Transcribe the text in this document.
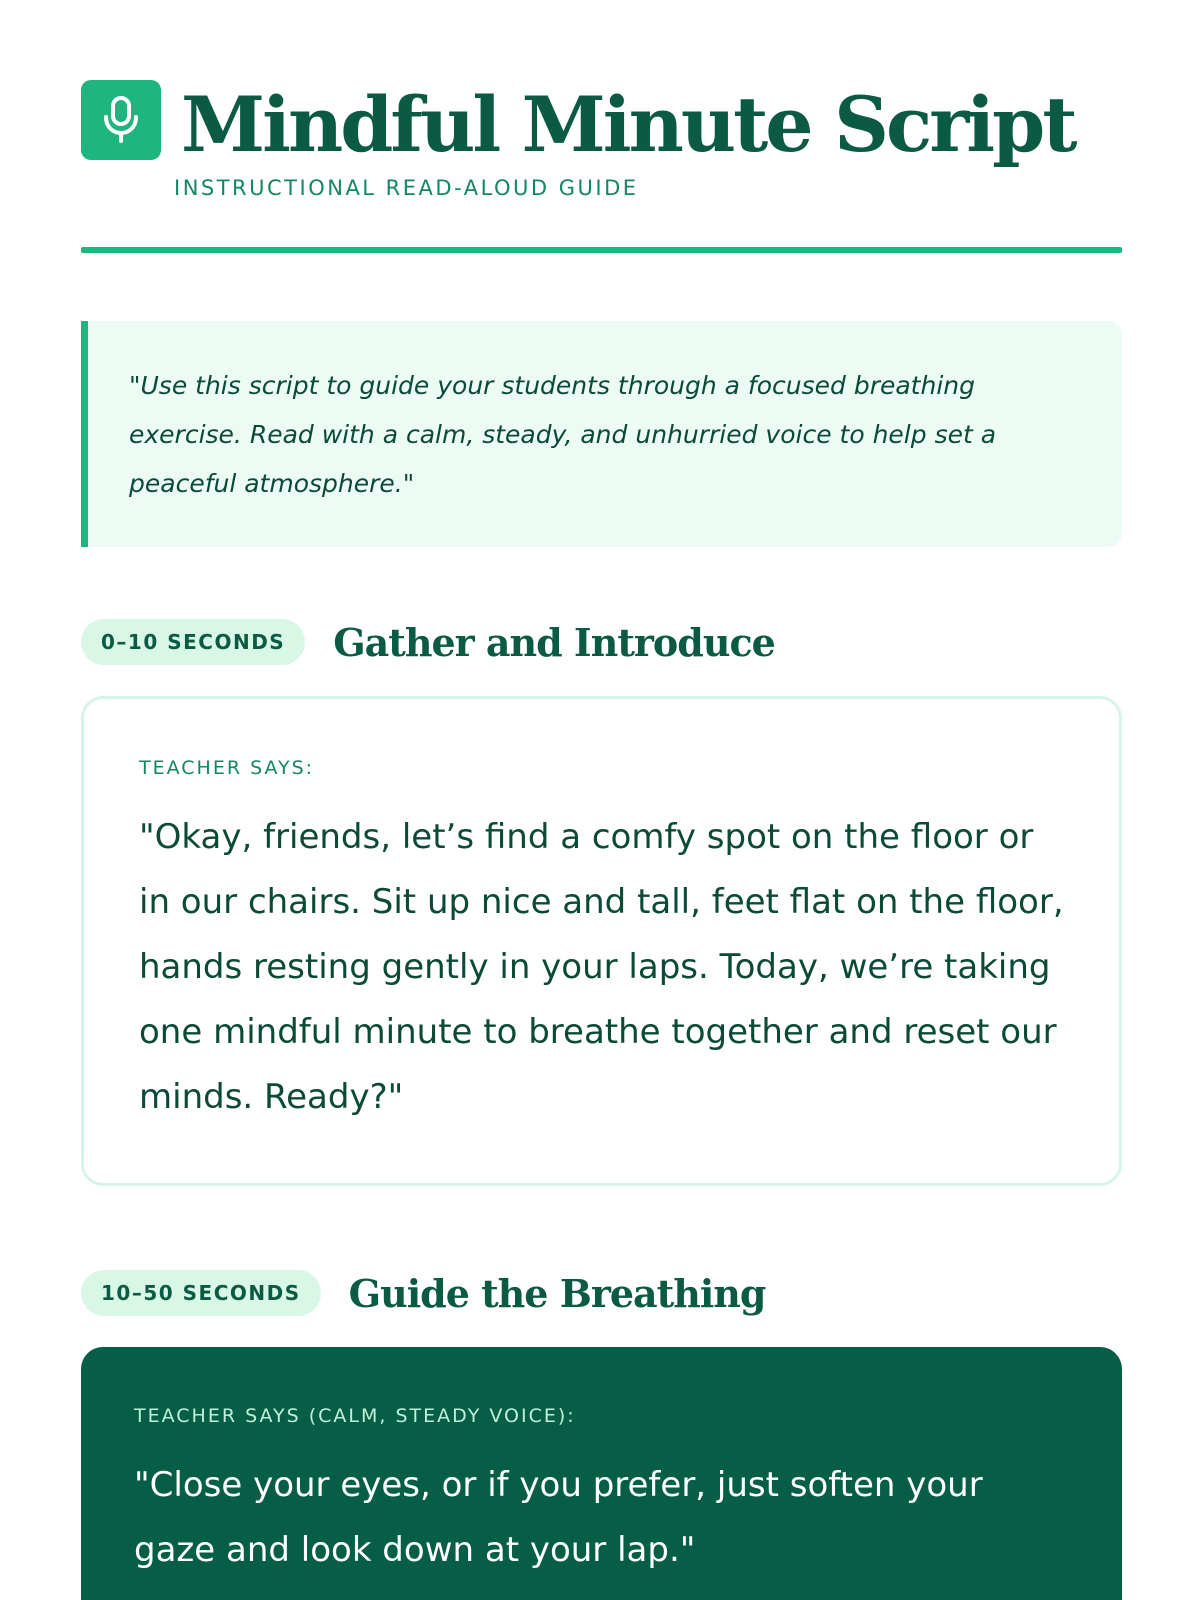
Mindful Minute Script
INSTRUCTIONAL READ-ALOUD GUIDE

"Use this script to guide your students through a focused breathing exercise. Read with a calm, steady, and unhurried voice to help set a peaceful atmosphere."

0–10 SECONDS	Gather and Introduce
TEACHER SAYS:

"Okay, friends, let’s find a comfy spot on the floor or in our chairs. Sit up nice and tall, feet flat on the floor, hands resting gently in your laps. Today, we’re taking one mindful minute to breathe together and reset our minds. Ready?"

10–50 SECONDS	Guide the Breathing
TEACHER SAYS (CALM, STEADY VOICE):

"Close your eyes, or if you prefer, just soften your gaze and look down at your lap."
